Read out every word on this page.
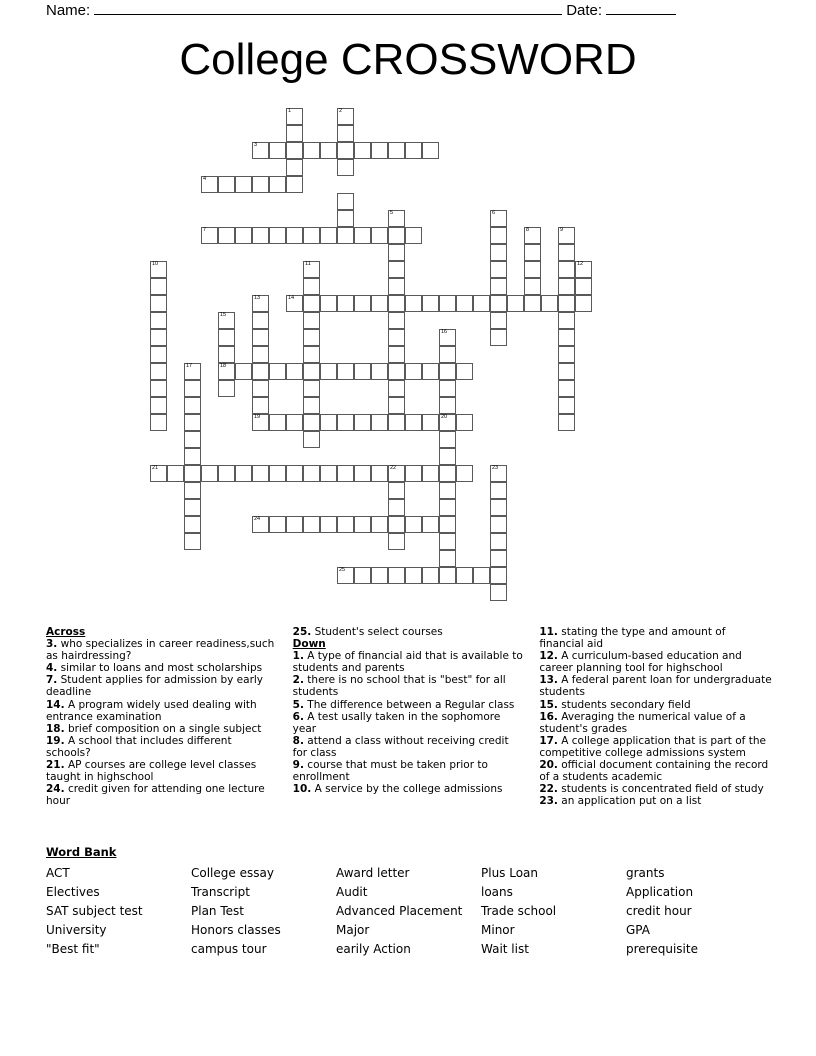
Name:	Date:
College CROSSWORD
1	2
3
4
5	6
7	8	9
10	11	12
13	14
15
16
17	18
19	20
21	22	23
24
25
Across
3. who specializes in career readiness,such as hairdressing?
4. similar to loans and most scholarships
7. Student applies for admission by early deadline
14. A program widely used dealing with entrance examination
18. brief composition on a single subject
19. A school that includes different schools?
21. AP courses are college level classes taught in highschool
24. credit given for attending one lecture hour
25. Student's select courses
Down
1. A type of financial aid that is available to students and parents
2. there is no school that is "best" for all students
5. The difference between a Regular class
6. A test usally taken in the sophomore year
8. attend a class without receiving credit for class
9. course that must be taken prior to enrollment
10. A service by the college admissions
11. stating the type and amount of financial aid
12. A curriculum-based education and career planning tool for highschool
13. A federal parent loan for undergraduate students
15. students secondary field
16. Averaging the numerical value of a student's grades
17. A college application that is part of the competitive college admissions system
20. official document containing the record of a students academic
22. students is concentrated field of study
23. an application put on a list
Word Bank
ACT	College essay	Award letter	Plus Loan	grants
Electives	Transcript	Audit	loans	Application
SAT subject test	Plan Test	Advanced Placement	Trade school	credit hour
University	Honors classes	Major	Minor	GPA
"Best fit"	campus tour	earily Action	Wait list	prerequisite
